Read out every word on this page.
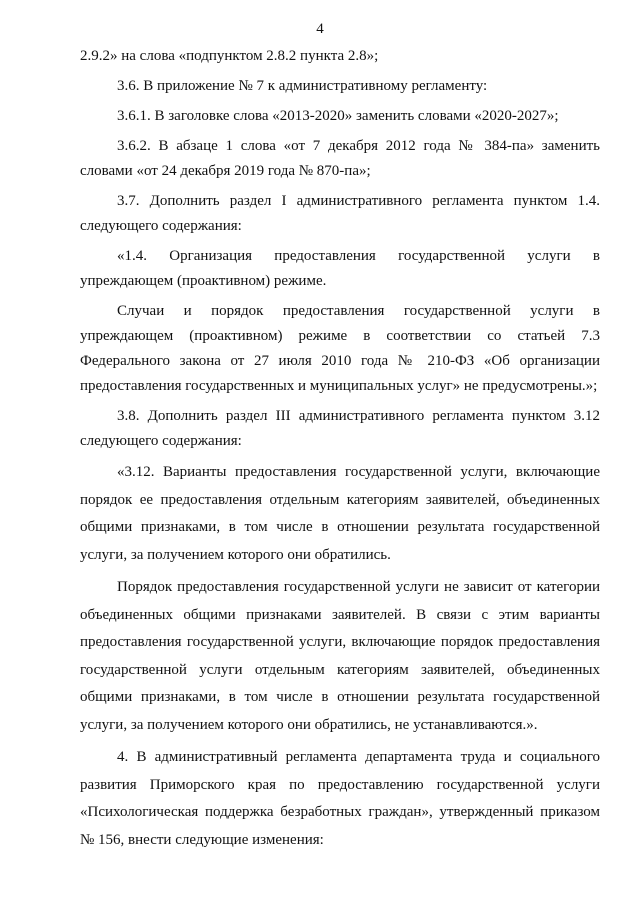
4

2.9.2» на слова «подпунктом 2.8.2 пункта 2.8»;

3.6. В приложение № 7 к административному регламенту:

3.6.1. В заголовке слова «2013-2020» заменить словами «2020-2027»;

3.6.2. В абзаце 1 слова «от 7 декабря 2012 года № 384-па» заменить словами «от 24 декабря 2019 года № 870-па»;

3.7. Дополнить раздел I административного регламента пунктом 1.4. следующего содержания:

«1.4. Организация предоставления государственной услуги в упреждающем (проактивном) режиме.

Случаи и порядок предоставления государственной услуги в упреждающем (проактивном) режиме в соответствии со статьей 7.3 Федерального закона от 27 июля 2010 года № 210-ФЗ «Об организации предоставления государственных и муниципальных услуг» не предусмотрены.»;

3.8. Дополнить раздел III административного регламента пунктом 3.12 следующего содержания:

«3.12. Варианты предоставления государственной услуги, включающие порядок ее предоставления отдельным категориям заявителей, объединенных общими признаками, в том числе в отношении результата государственной услуги, за получением которого они обратились.

Порядок предоставления государственной услуги не зависит от категории объединенных общими признаками заявителей. В связи с этим варианты предоставления государственной услуги, включающие порядок предоставления государственной услуги отдельным категориям заявителей, объединенных общими признаками, в том числе в отношении результата государственной услуги, за получением которого они обратились, не устанавливаются.».

4. В административный регламента департамента труда и социального развития Приморского края по предоставлению государственной услуги «Психологическая поддержка безработных граждан», утвержденный приказом № 156, внести следующие изменения:
